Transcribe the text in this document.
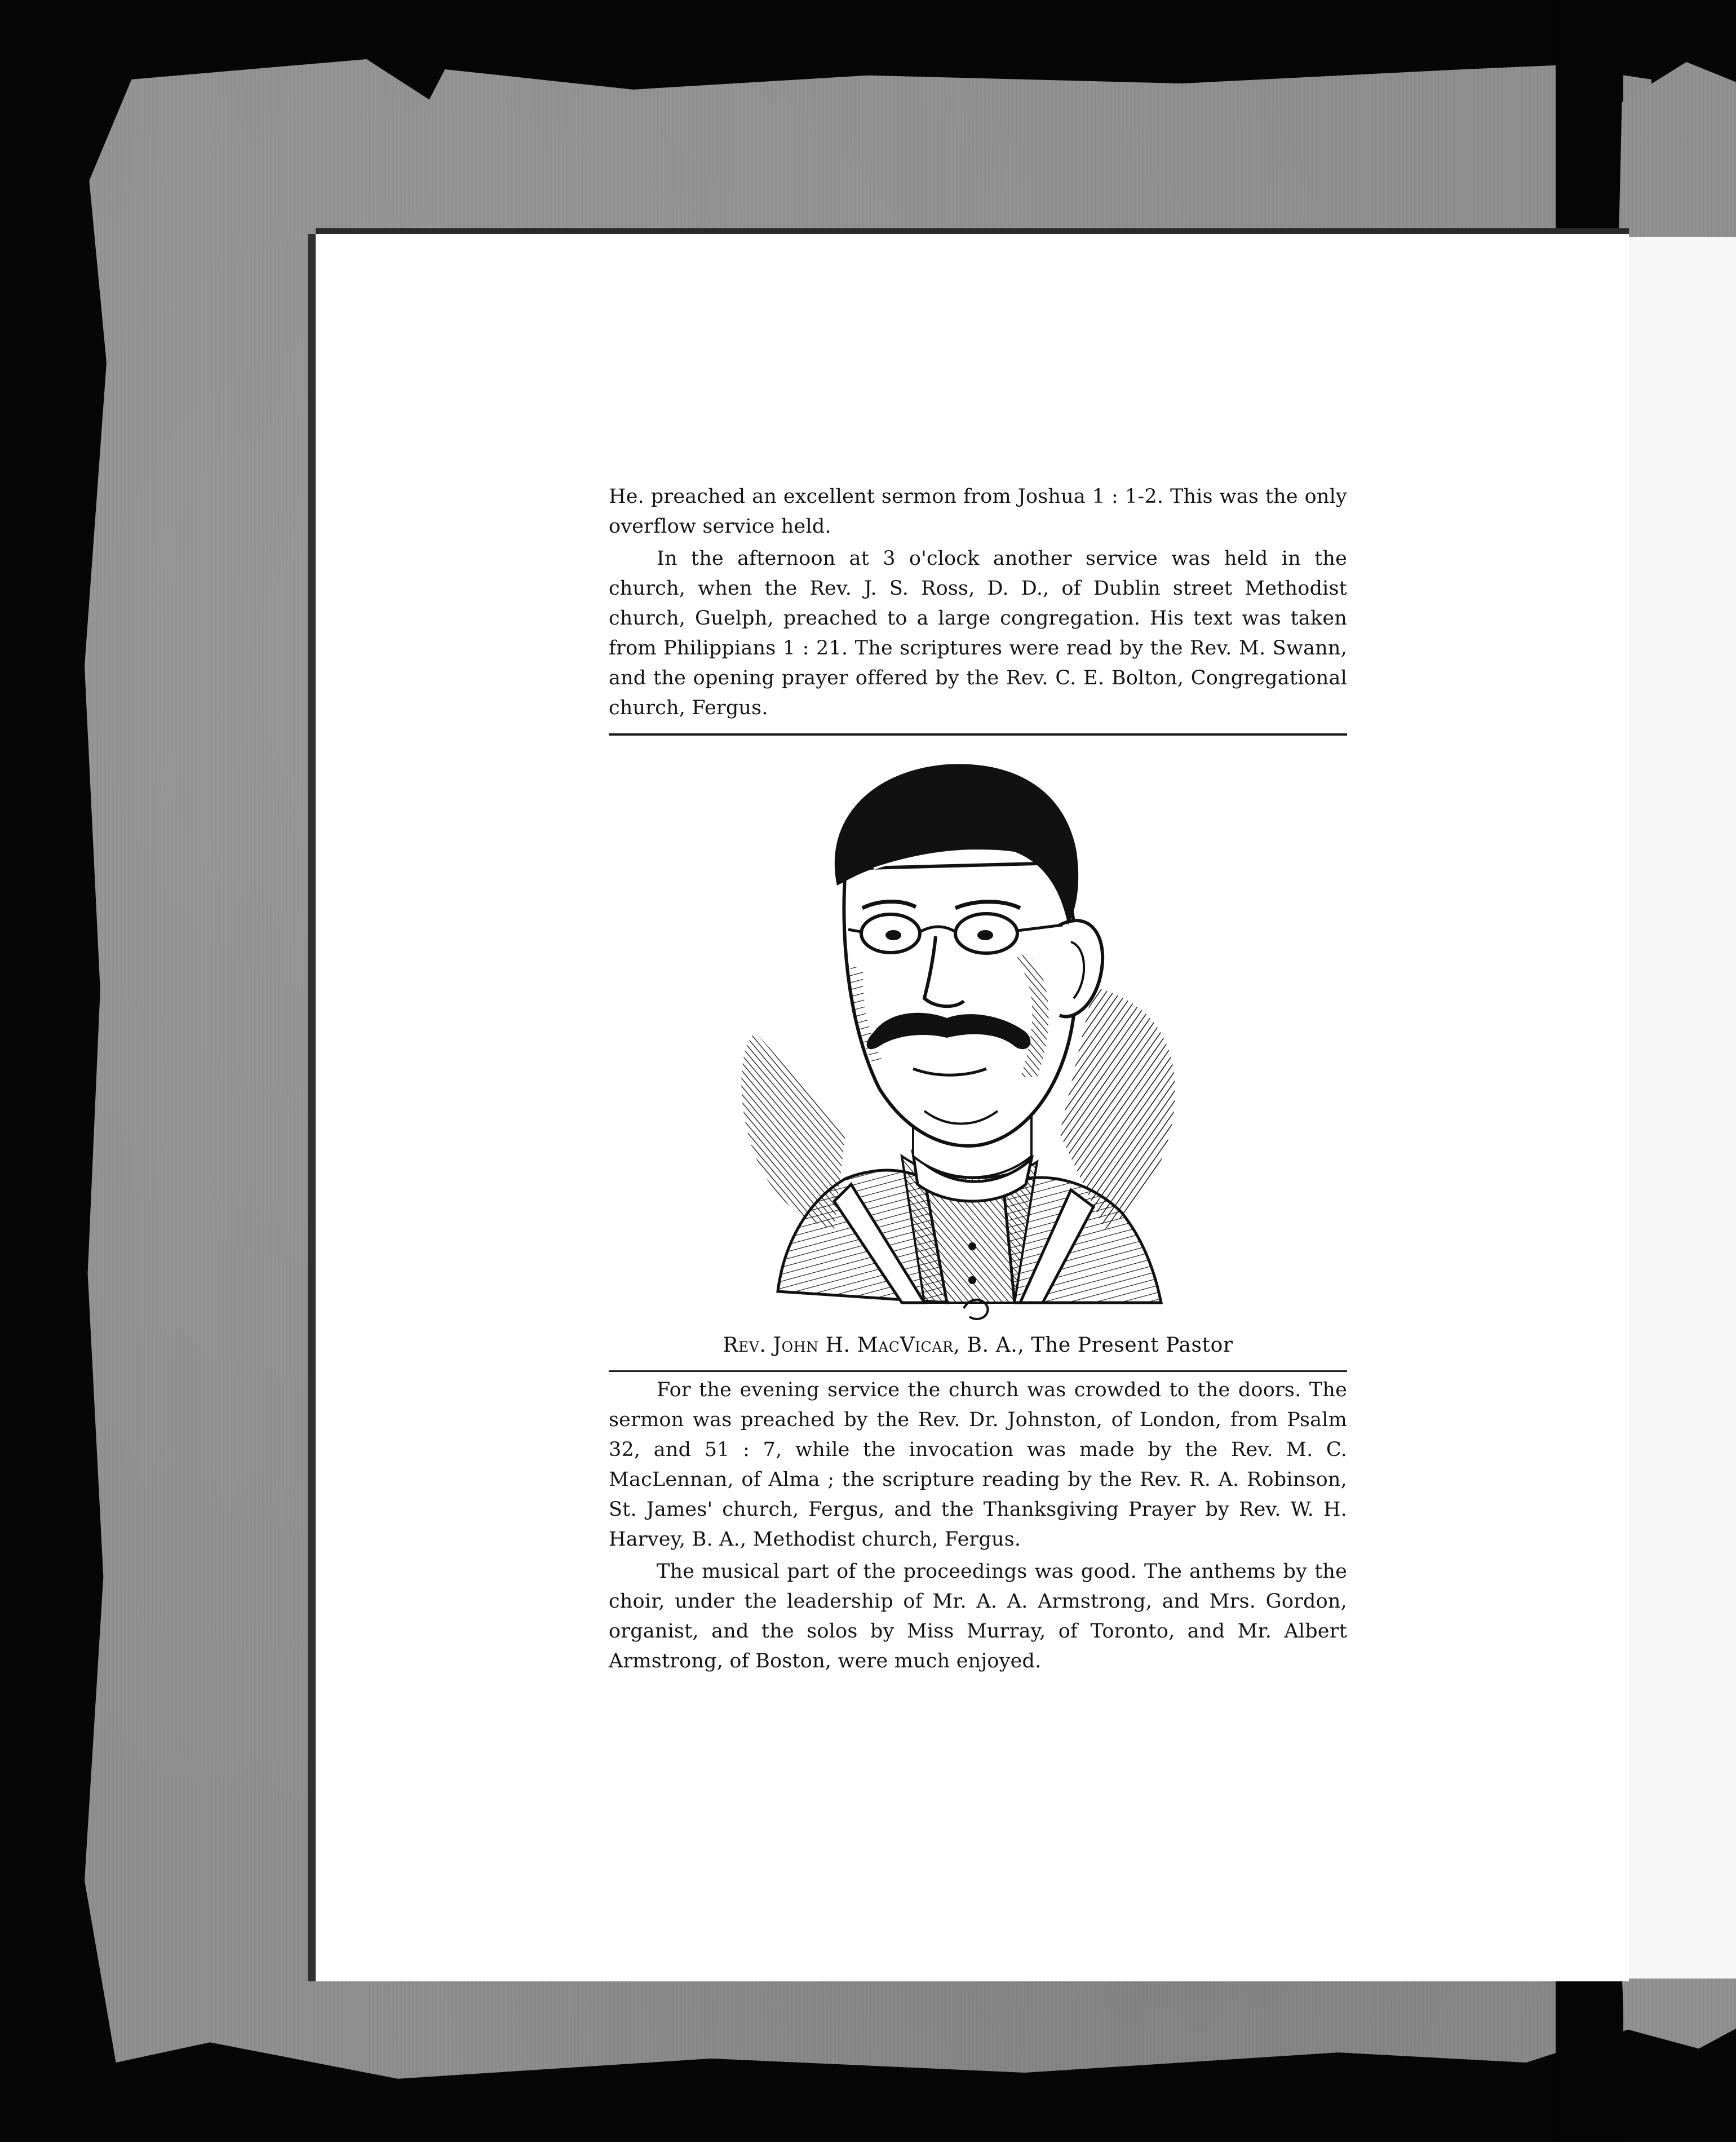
He. preached an excellent sermon from Joshua 1 : 1-2. This was the only overflow service held.

In the afternoon at 3 o'clock another service was held in the church, when the Rev. J. S. Ross, D. D., of Dublin street Methodist church, Guelph, preached to a large congregation. His text was taken from Philippians 1 : 21. The scriptures were read by the Rev. M. Swann, and the opening prayer offered by the Rev. C. E. Bolton, Congregational church, Fergus.

Rev. John H. MacVicar, B. A., The Present Pastor

For the evening service the church was crowded to the doors. The sermon was preached by the Rev. Dr. Johnston, of London, from Psalm 32, and 51 : 7, while the invocation was made by the Rev. M. C. MacLennan, of Alma ; the scripture reading by the Rev. R. A. Robinson, St. James' church, Fergus, and the Thanksgiving Prayer by Rev. W. H. Harvey, B. A., Methodist church, Fergus.

The musical part of the proceedings was good. The anthems by the choir, under the leadership of Mr. A. A. Armstrong, and Mrs. Gordon, organist, and the solos by Miss Murray, of Toronto, and Mr. Albert Armstrong, of Boston, were much enjoyed.
